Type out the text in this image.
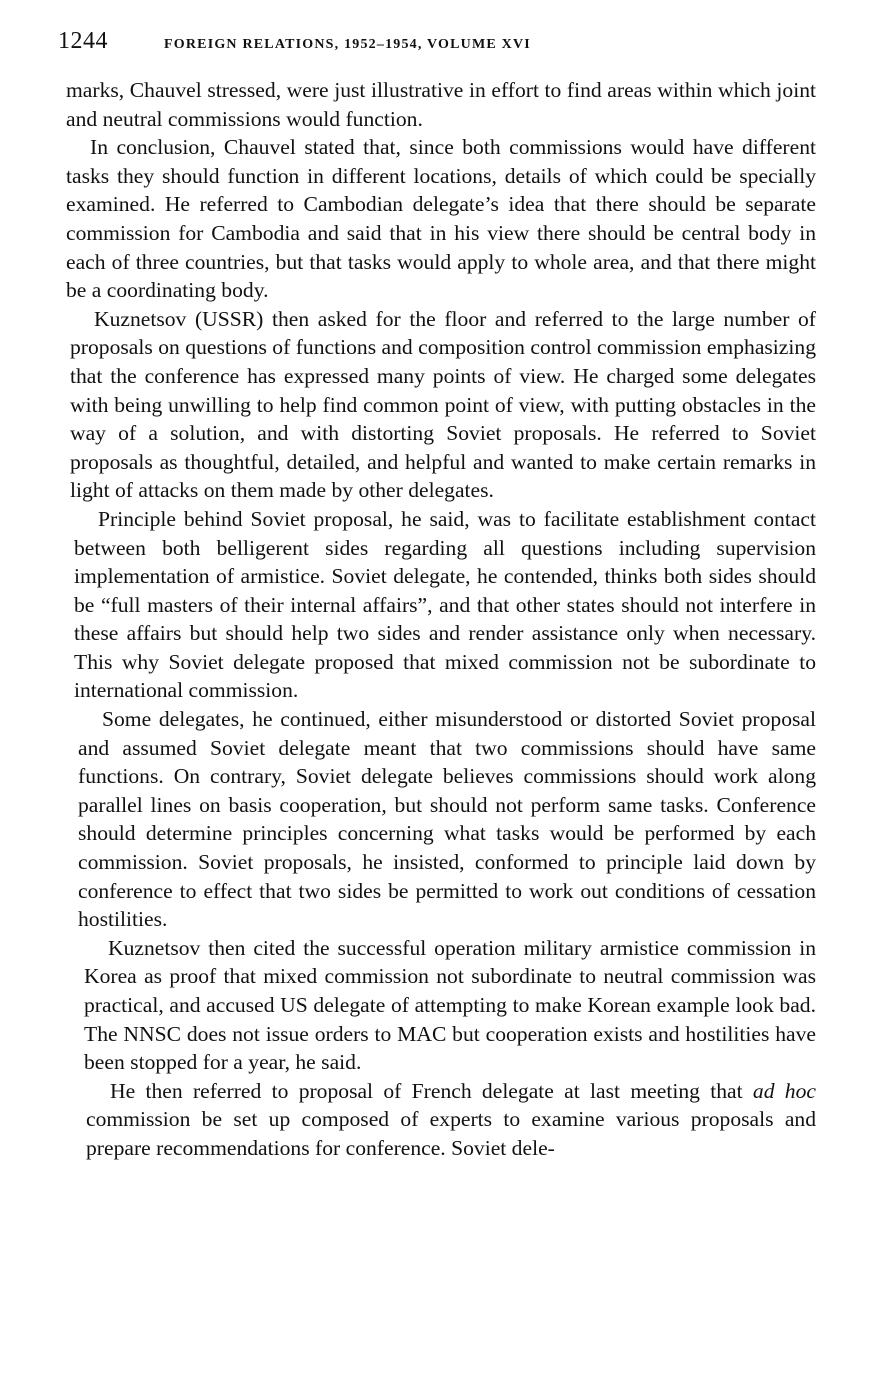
1244	FOREIGN RELATIONS, 1952–1954, VOLUME XVI

marks, Chauvel stressed, were just illustrative in effort to find areas within which joint and neutral commissions would function.

In conclusion, Chauvel stated that, since both commissions would have different tasks they should function in different locations, details of which could be specially examined. He referred to Cambodian delegate’s idea that there should be separate commission for Cambodia and said that in his view there should be central body in each of three countries, but that tasks would apply to whole area, and that there might be a coordinating body.

Kuznetsov (USSR) then asked for the floor and referred to the large number of proposals on questions of functions and composition control commission emphasizing that the conference has expressed many points of view. He charged some delegates with being unwilling to help find common point of view, with putting obstacles in the way of a solution, and with distorting Soviet proposals. He referred to Soviet proposals as thoughtful, detailed, and helpful and wanted to make certain remarks in light of attacks on them made by other delegates.

Principle behind Soviet proposal, he said, was to facilitate establishment contact between both belligerent sides regarding all questions including supervision implementation of armistice. Soviet delegate, he contended, thinks both sides should be “full masters of their internal affairs”, and that other states should not interfere in these affairs but should help two sides and render assistance only when necessary. This why Soviet delegate proposed that mixed commission not be subordinate to international commission.

Some delegates, he continued, either misunderstood or distorted Soviet proposal and assumed Soviet delegate meant that two commissions should have same functions. On contrary, Soviet delegate believes commissions should work along parallel lines on basis cooperation, but should not perform same tasks. Conference should determine principles concerning what tasks would be performed by each commission. Soviet proposals, he insisted, conformed to principle laid down by conference to effect that two sides be permitted to work out conditions of cessation hostilities.

Kuznetsov then cited the successful operation military armistice commission in Korea as proof that mixed commission not subordinate to neutral commission was practical, and accused US delegate of attempting to make Korean example look bad. The NNSC does not issue orders to MAC but cooperation exists and hostilities have been stopped for a year, he said.

He then referred to proposal of French delegate at last meeting that ad hoc commission be set up composed of experts to examine various proposals and prepare recommendations for conference. Soviet dele-
